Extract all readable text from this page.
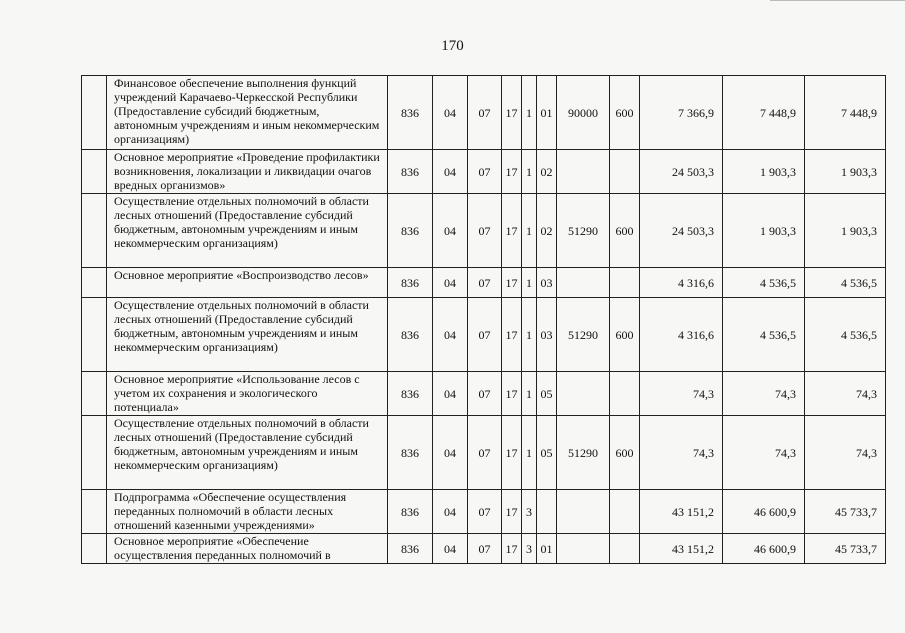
170
	Финансовое обеспечение выполнения функций учреждений Карачаево-Черкесской Республики (Предоставление субсидий бюджетным, автономным учреждениям и иным некоммерческим организациям)	836	04	07	17	1	01	90000	600	7 366,9	7 448,9	7 448,9
	Основное мероприятие «Проведение профилактики возникновения, локализации и ликвидации очагов вредных организмов»	836	04	07	17	1	02			24 503,3	1 903,3	1 903,3
	Осуществление отдельных полномочий в области лесных отношений (Предоставление субсидий бюджетным, автономным учреждениям и иным некоммерческим организациям)	836	04	07	17	1	02	51290	600	24 503,3	1 903,3	1 903,3
	Основное мероприятие «Воспроизводство лесов»	836	04	07	17	1	03			4 316,6	4 536,5	4 536,5
	Осуществление отдельных полномочий в области лесных отношений (Предоставление субсидий бюджетным, автономным учреждениям и иным некоммерческим организациям)	836	04	07	17	1	03	51290	600	4 316,6	4 536,5	4 536,5
	Основное мероприятие «Использование лесов с учетом их сохранения и экологического потенциала»	836	04	07	17	1	05			74,3	74,3	74,3
	Осуществление отдельных полномочий в области лесных отношений (Предоставление субсидий бюджетным, автономным учреждениям и иным некоммерческим организациям)	836	04	07	17	1	05	51290	600	74,3	74,3	74,3
	Подпрограмма «Обеспечение осуществления переданных полномочий в области лесных отношений казенными учреждениями»	836	04	07	17	3				43 151,2	46 600,9	45 733,7
	Основное мероприятие «Обеспечение осуществления переданных полномочий в	836	04	07	17	3	01			43 151,2	46 600,9	45 733,7
